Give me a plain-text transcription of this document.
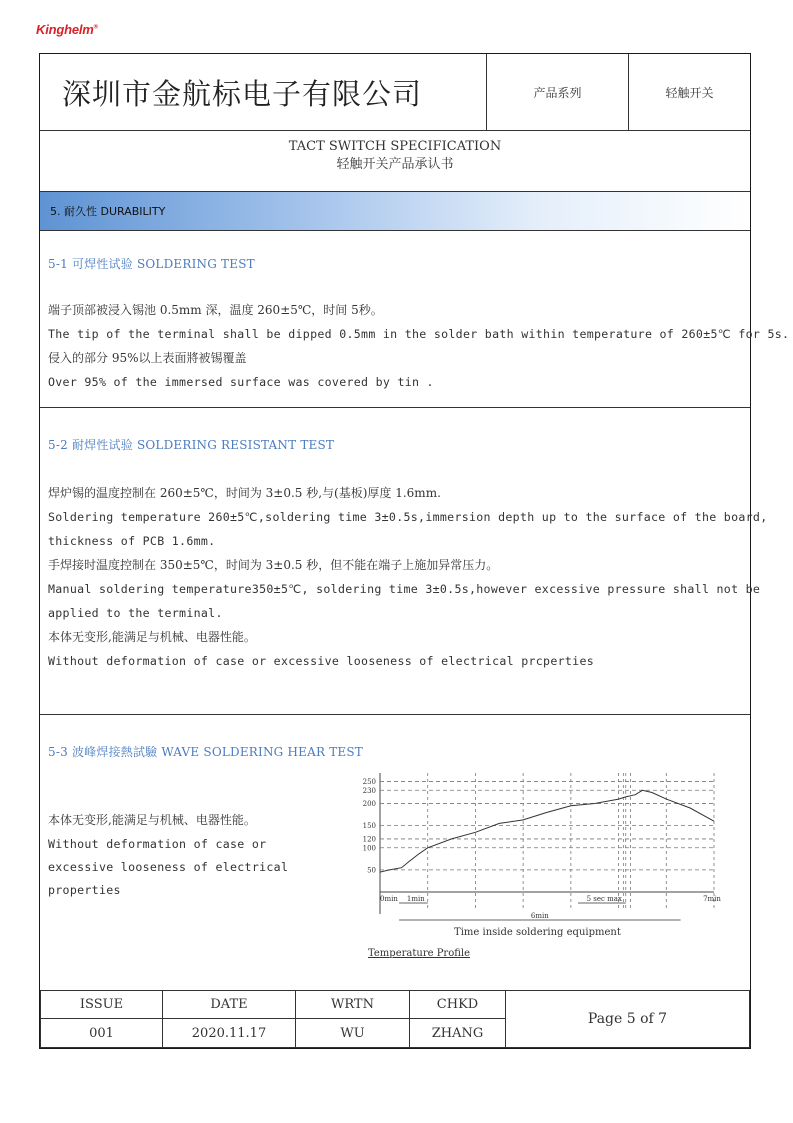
Kinghelm®
深圳市金航标电子有限公司	产品系列	轻触开关
TACT SWITCH SPECIFICATION
轻触开关产品承认书
5. 耐久性 DURABILITY
5-1 可焊性试验 SOLDERING TEST
端子顶部被浸入锡池 0.5mm 深，温度 260±5℃，时间 5秒。
The tip of the terminal shall be dipped 0.5mm in the solder bath within temperature of 260±5℃ for 5s.
侵入的部分 95%以上表面將被锡覆盖
Over 95% of the immersed surface was covered by tin .
5-2 耐焊性试验 SOLDERING RESISTANT TEST
焊炉锡的温度控制在 260±5℃，时间为 3±0.5 秒,与(基板)厚度 1.6mm.
Soldering temperature 260±5℃,soldering time 3±0.5s,immersion depth up to the surface of the board,
thickness of PCB 1.6mm.
手焊接时温度控制在 350±5℃，时间为 3±0.5 秒，但不能在端子上施加异常压力。
Manual soldering temperature350±5℃, soldering time 3±0.5s,however excessive pressure shall not be
applied to the terminal.
本体无变形,能满足与机械、电器性能。
Without deformation of case or excessive looseness of electrical prcperties
5-3 波峰焊接熱試驗 WAVE SOLDERING HEAR TEST
本体无变形,能满足与机械、电器性能。
Without deformation of case or
excessive looseness of electrical
properties
50
100
120
150
200
230
250
0min 1min	5 sec max	7min
6min
Time inside soldering equipment
Temperature Profile
ISSUE	DATE	WRTN	CHKD	Page 5 of 7
001	2020.11.17	WU	ZHANG	
